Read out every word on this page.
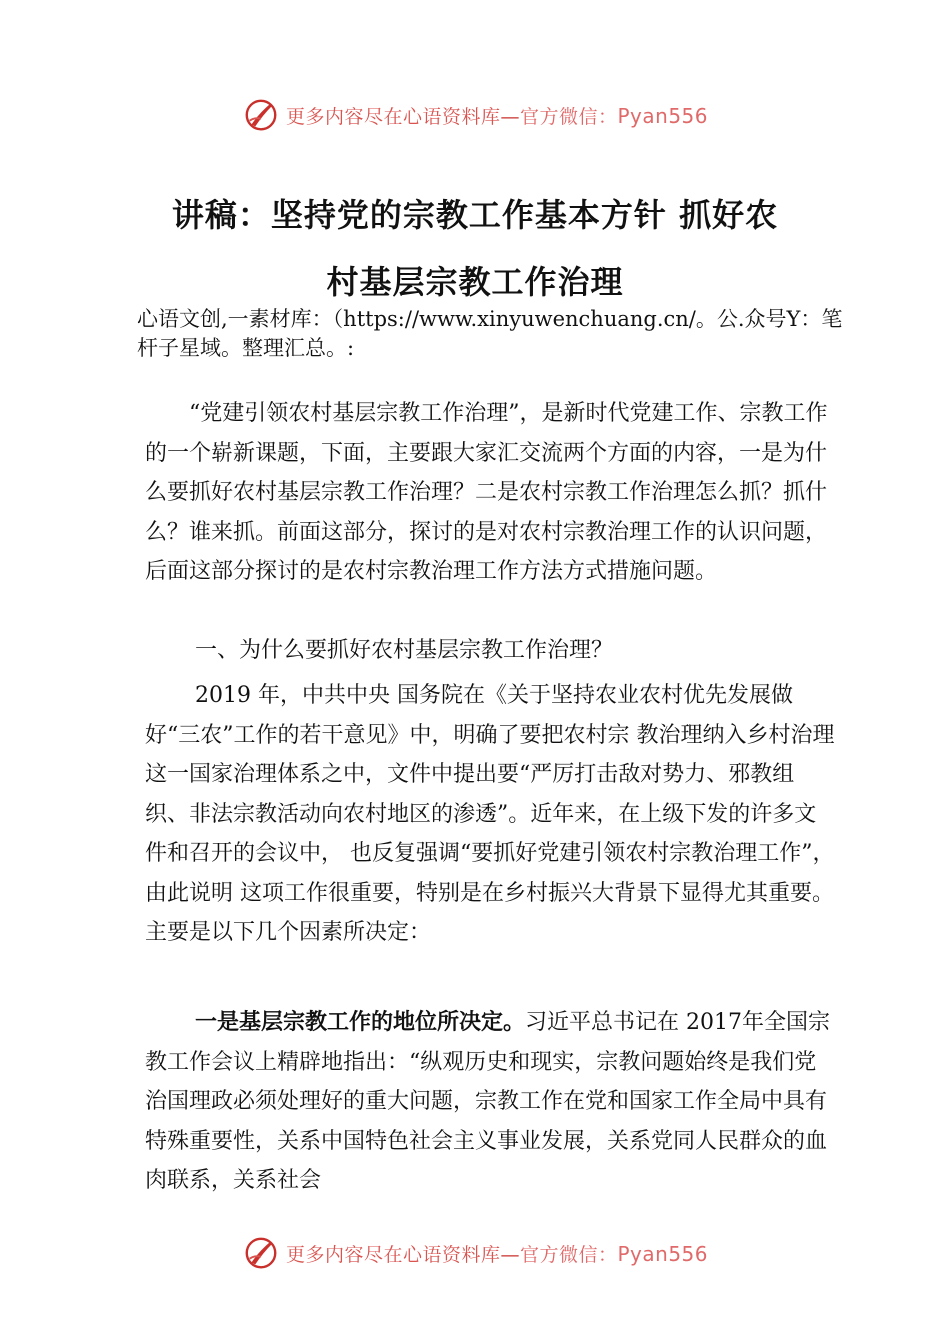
更多内容尽在心语资料库—官方微信：Pyan556
讲稿：坚持党的宗教工作基本方针 抓好农
村基层宗教工作治理
心语文创,一素材库：（https://www.xinyuwenchuang.cn/。公.众号Y：笔杆子星域。整理汇总。:
“党建引领农村基层宗教工作治理”，是新时代党建工作、宗教工作的一个崭新课题，下面，主要跟大家汇交流两个方面的内容，一是为什么要抓好农村基层宗教工作治理？二是农村宗教工作治理怎么抓？抓什么？谁来抓。前面这部分，探讨的是对农村宗教治理工作的认识问题，后面这部分探讨的是农村宗教治理工作方法方式措施问题。
一、为什么要抓好农村基层宗教工作治理？
2019 年，中共中央 国务院在《关于坚持农业农村优先发展做好“三农”工作的若干意见》中，明确了要把农村宗 教治理纳入乡村治理这一国家治理体系之中，文件中提出要“严厉打击敌对势力、邪教组织、非法宗教活动向农村地区的渗透”。近年来，在上级下发的许多文件和召开的会议中， 也反复强调“要抓好党建引领农村宗教治理工作”，由此说明 这项工作很重要，特别是在乡村振兴大背景下显得尤其重要。主要是以下几个因素所决定：
一是基层宗教工作的地位所决定。习近平总书记在 2017年全国宗教工作会议上精辟地指出：“纵观历史和现实，宗教问题始终是我们党治国理政必须处理好的重大问题，宗教工作在党和国家工作全局中具有特殊重要性，关系中国特色社会主义事业发展，关系党同人民群众的血肉联系，关系社会
更多内容尽在心语资料库—官方微信：Pyan556
